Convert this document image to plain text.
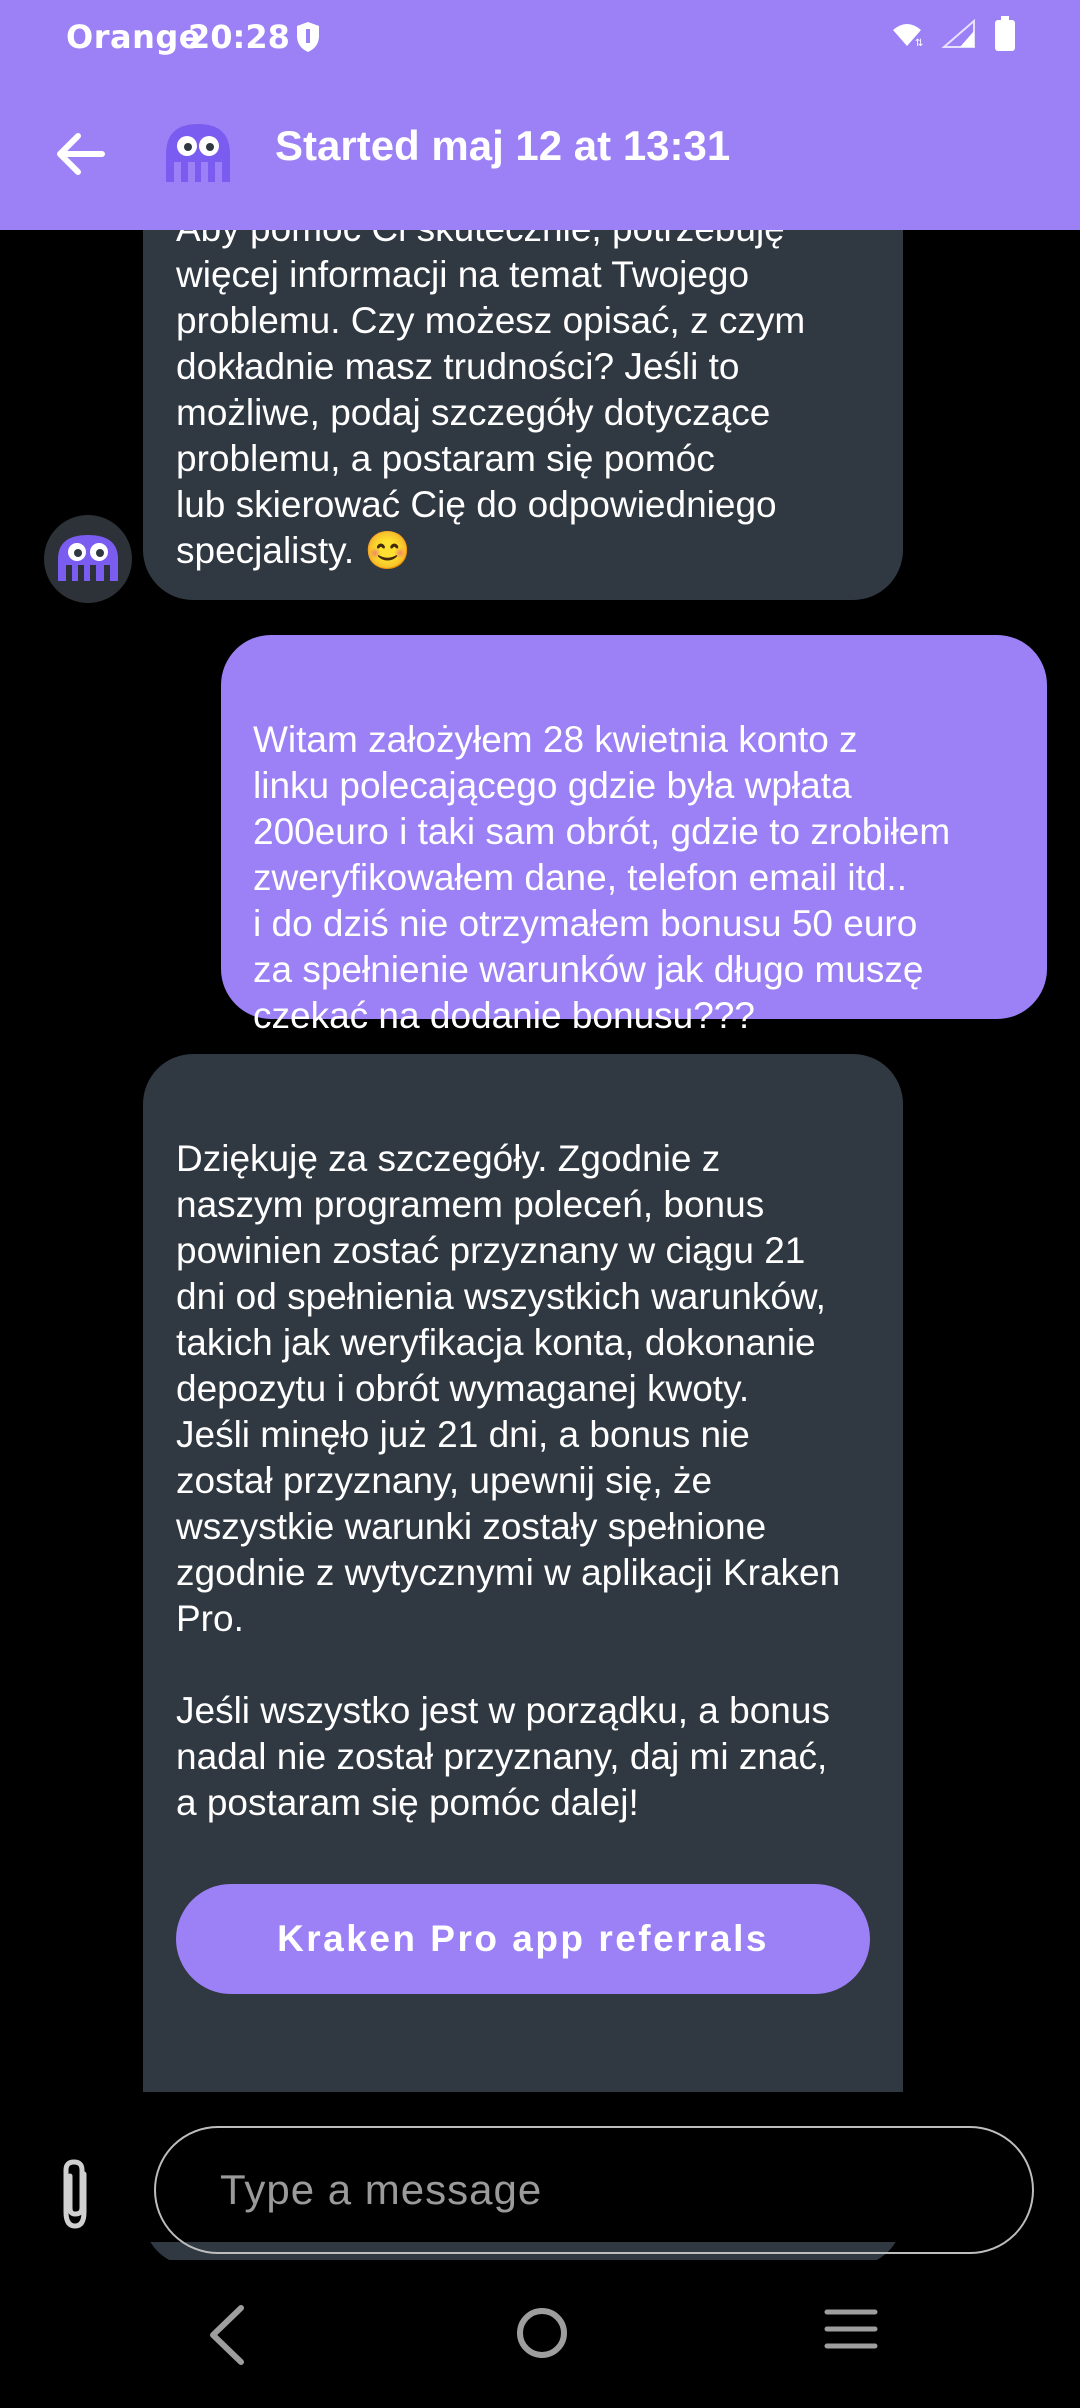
więcej informacji na temat Twojego
problemu. Czy możesz opisać, z czym
dokładnie masz trudności? Jeśli to
możliwe, podaj szczegóły dotyczące
problemu, a postaram się pomóc
lub skierować Cię do odpowiedniego
specjalisty. 😊

Witam założyłem 28 kwietnia konto z
linku polecającego gdzie była wpłata
200euro i taki sam obrót, gdzie to zrobiłem
zweryfikowałem dane, telefon email itd..
i do dziś nie otrzymałem bonusu 50 euro
za spełnienie warunków jak długo muszę
czekać na dodanie bonusu???

Dziękuję za szczegóły. Zgodnie z
naszym programem poleceń, bonus
powinien zostać przyznany w ciągu 21
dni od spełnienia wszystkich warunków,
takich jak weryfikacja konta, dokonanie
depozytu i obrót wymaganej kwoty.
Jeśli minęło już 21 dni, a bonus nie
został przyznany, upewnij się, że
wszystkie warunki zostały spełnione
zgodnie z wytycznymi w aplikacji Kraken
Pro.

Jeśli wszystko jest w porządku, a bonus
nadal nie został przyznany, daj mi znać,
a postaram się pomóc dalej!

Kraken Pro app referrals

Orange
20:28	⇅
Started maj 12 at 13:31
Type a message
